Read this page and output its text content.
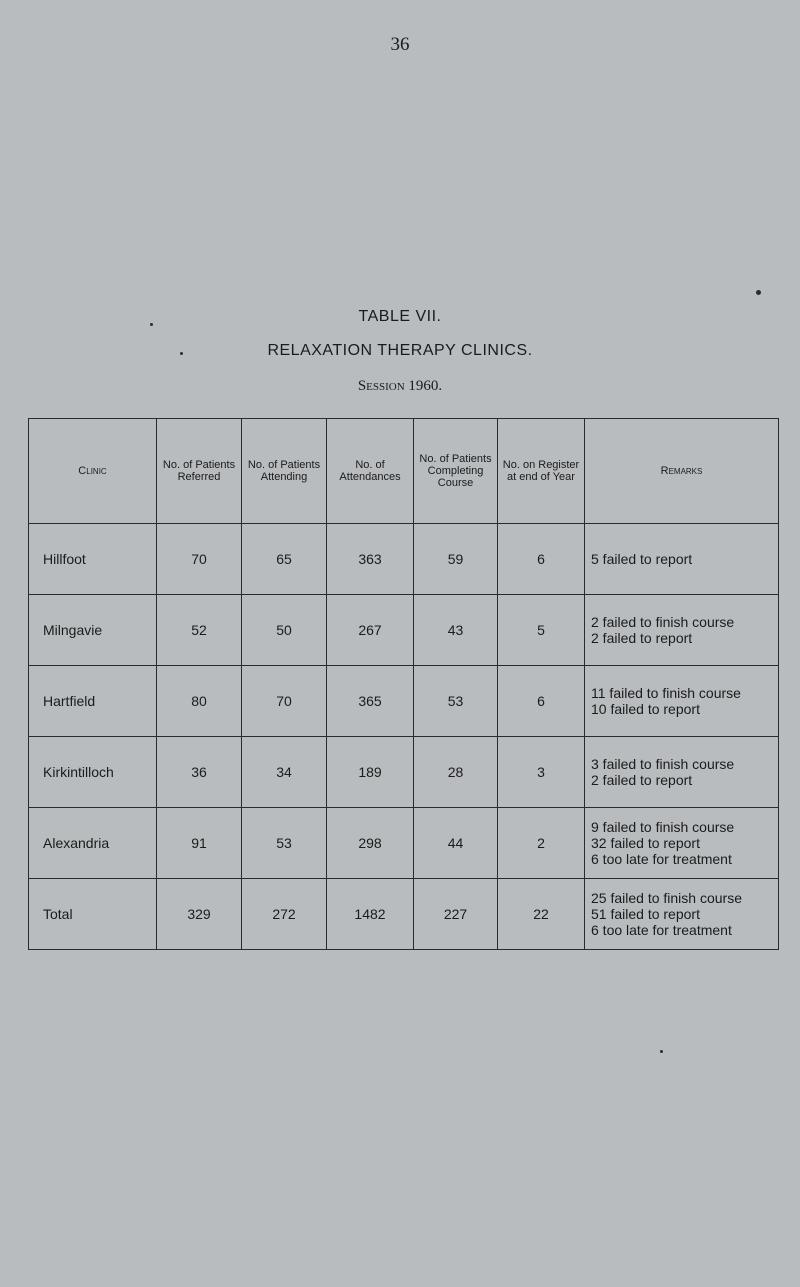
36
TABLE VII.
RELAXATION THERAPY CLINICS.
Session 1960.
Clinic	No. of Patients Referred	No. of Patients Attending	No. of Attendances	No. of Patients Completing Course	No. on Register at end of Year	Remarks
Hillfoot	70	65	363	59	6	5 failed to report

Milngavie	52	50	267	43	5	2 failed to finish course
2 failed to report

Hartfield	80	70	365	53	6	11 failed to finish course
10 failed to report

Kirkintilloch	36	34	189	28	3	3 failed to finish course
2 failed to report

Alexandria	91	53	298	44	2	9 failed to finish course
32 failed to report
6 too late for treatment

Total	329	272	1482	227	22	25 failed to finish course
51 failed to report
6 too late for treatment
